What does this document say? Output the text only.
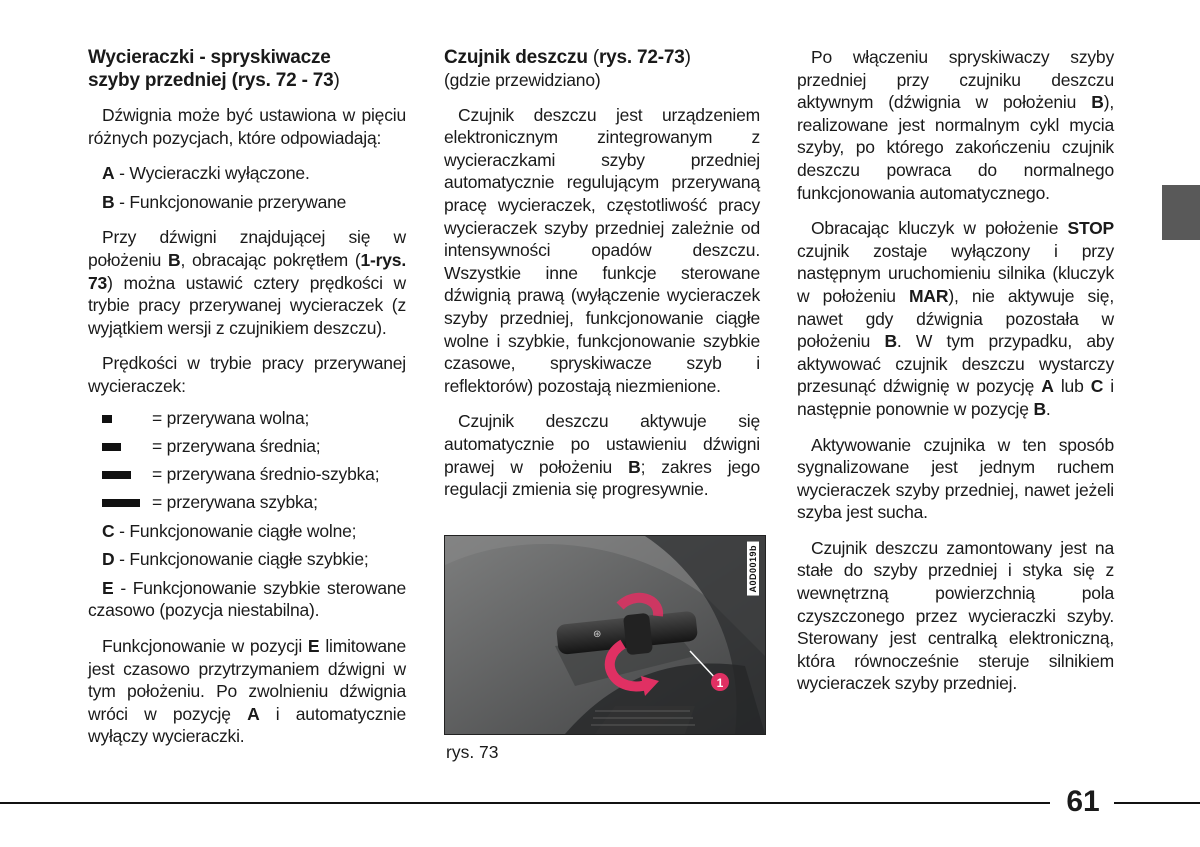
Wycieraczki - spryskiwacze
szyby przedniej (rys. 72 - 73)

Dźwignia może być ustawiona w pięciu różnych pozycjach, które odpowiadają:

A - Wycieraczki wyłączone.

B - Funkcjonowanie przerywane

Przy dźwigni znajdującej się w położeniu B, obracając pokrętłem (1-rys. 73) można ustawić cztery prędkości w trybie pracy przerywanej wycieraczek (z wyjątkiem wersji z czujnikiem deszczu).

Prędkości w trybie pracy przerywanej wycieraczek:

= przerywana wolna;
= przerywana średnia;
= przerywana średnio-szybka;
= przerywana szybka;

C - Funkcjonowanie ciągłe wolne;

D - Funkcjonowanie ciągłe szybkie;

E - Funkcjonowanie szybkie sterowane czasowo (pozycja niestabilna).

Funkcjonowanie w pozycji E limitowane jest czasowo przytrzymaniem dźwigni w tym położeniu. Po zwolnieniu dźwignia wróci w pozycję A i automatycznie wyłączy wycieraczki.

Czujnik deszczu (rys. 72-73)
(gdzie przewidziano)

Czujnik deszczu jest urządzeniem elektronicznym zintegrowanym z wycieraczkami szyby przedniej automatycznie regulującym przerywaną pracę wycieraczek, częstotliwość pracy wycieraczek szyby przedniej zależnie od intensywności opadów deszczu. Wszystkie inne funkcje sterowane dźwignią prawą (wyłączenie wycieraczek szyby przedniej, funkcjonowanie ciągłe wolne i szybkie, funkcjonowanie szybkie czasowe, spryskiwacze szyb i reflektorów) pozostają niezmienione.

Czujnik deszczu aktywuje się automatycznie po ustawieniu dźwigni prawej w położeniu B; zakres jego regulacji zmienia się progresywnie.

⊛
1
A0D0019b
rys. 73

Po włączeniu spryskiwaczy szyby przedniej przy czujniku deszczu aktywnym (dźwignia w położeniu B), realizowane jest normalnym cykl mycia szyby, po którego zakończeniu czujnik deszczu powraca do normalnego funkcjonowania automatycznego.

Obracając kluczyk w położenie STOP czujnik zostaje wyłączony i przy następnym uruchomieniu silnika (kluczyk w położeniu MAR), nie aktywuje się, nawet gdy dźwignia pozostała w położeniu B. W tym przypadku, aby aktywować czujnik deszczu wystarczy przesunąć dźwignię w pozycję A lub C i następnie ponownie w pozycję B.

Aktywowanie czujnika w ten sposób sygnalizowane jest jednym ruchem wycieraczek szyby przedniej, nawet jeżeli szyba jest sucha.

Czujnik deszczu zamontowany jest na stałe do szyby przedniej i styka się z wewnętrzną powierzchnią pola czyszczonego przez wycieraczki szyby. Sterowany jest centralką elektroniczną, która równocześnie steruje silnikiem wycieraczek szyby przedniej.

61
